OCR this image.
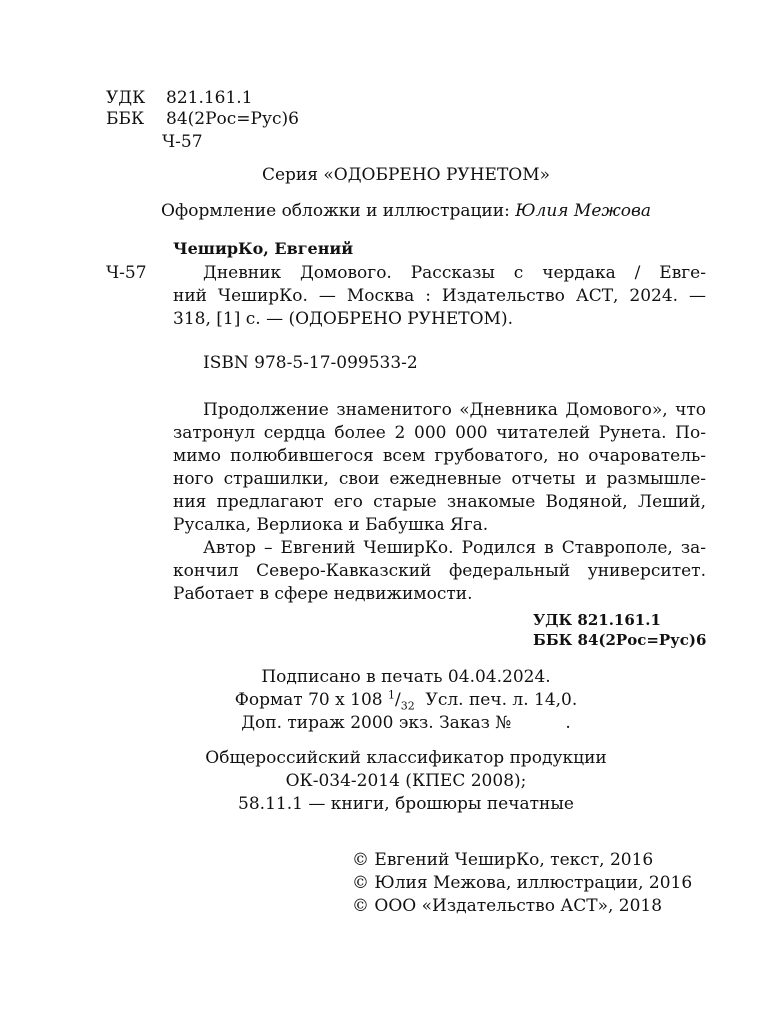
УДК 821.161.1
ББК 84(2Рос=Рус)6
Ч-57
Серия «ОДОБРЕНО РУНЕТОМ»
Оформление обложки и иллюстрации: Юлия Межова
ЧеширКо, Евгений
Ч-57	Дневник Домового. Рассказы с чердака / Евге-
ний ЧеширКо. — Москва : Издательство АСТ, 2024. —
318, [1] с. — (ОДОБРЕНО РУНЕТОМ).
ISBN 978-5-17-099533-2
Продолжение знаменитого «Дневника Домового», что
затронул сердца более 2 000 000 читателей Рунета. По-
мимо полюбившегося всем грубоватого, но очарователь-
ного страшилки, свои ежедневные отчеты и размышле-
ния предлагают его старые знакомые Водяной, Леший,
Русалка, Верлиока и Бабушка Яга.
Автор – Евгений ЧеширКо. Родился в Ставрополе, за-
кончил Северо-Кавказский федеральный университет.
Работает в сфере недвижимости.
УДК 821.161.1
ББК 84(2Рос=Рус)6
Подписано в печать 04.04.2024.
Формат 70 х 108 $^1/_{32}$  Усл. печ. л. 14,0.
Доп. тираж 2000 экз. Заказ №          .
Общероссийский классификатор продукции
ОК-034-2014 (КПЕС 2008);
58.11.1 — книги, брошюры печатные
© Евгений ЧеширКо, текст, 2016
© Юлия Межова, иллюстрации, 2016
© ООО «Издательство АСТ», 2018
